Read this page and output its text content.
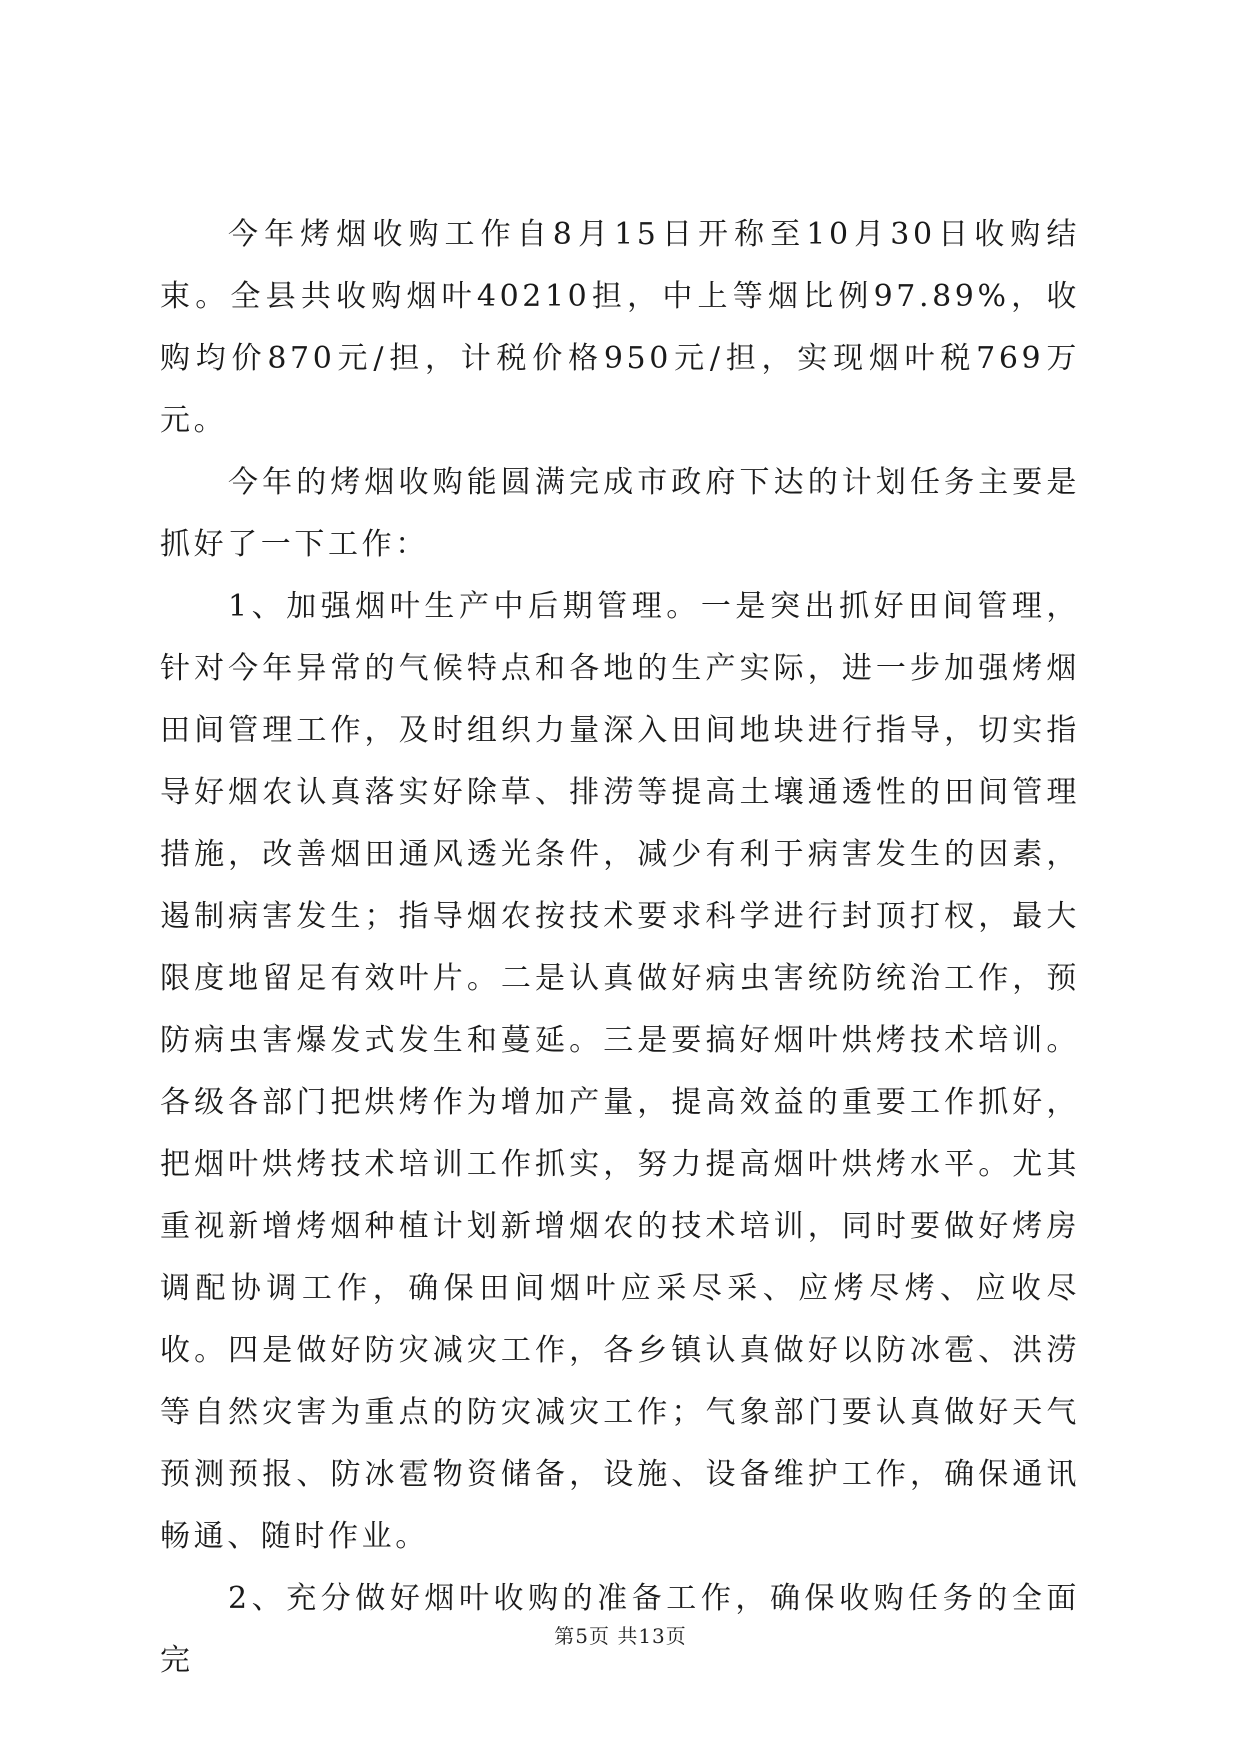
今年烤烟收购工作自8月15日开称至10月30日收购结束。全县共收购烟叶40210担，中上等烟比例97.89%，收购均价870元/担，计税价格950元/担，实现烟叶税769万元。

今年的烤烟收购能圆满完成市政府下达的计划任务主要是抓好了一下工作：

1、加强烟叶生产中后期管理。一是突出抓好田间管理，针对今年异常的气候特点和各地的生产实际，进一步加强烤烟田间管理工作，及时组织力量深入田间地块进行指导，切实指导好烟农认真落实好除草、排涝等提高土壤通透性的田间管理措施，改善烟田通风透光条件，减少有利于病害发生的因素，遏制病害发生；指导烟农按技术要求科学进行封顶打杈，最大限度地留足有效叶片。二是认真做好病虫害统防统治工作，预防病虫害爆发式发生和蔓延。三是要搞好烟叶烘烤技术培训。各级各部门把烘烤作为增加产量，提高效益的重要工作抓好，把烟叶烘烤技术培训工作抓实，努力提高烟叶烘烤水平。尤其重视新增烤烟种植计划新增烟农的技术培训，同时要做好烤房调配协调工作，确保田间烟叶应采尽采、应烤尽烤、应收尽收。四是做好防灾减灾工作，各乡镇认真做好以防冰雹、洪涝等自然灾害为重点的防灾减灾工作；气象部门要认真做好天气预测预报、防冰雹物资储备，设施、设备维护工作，确保通讯畅通、随时作业。

2、充分做好烟叶收购的准备工作，确保收购任务的全面完

第5页 共13页
